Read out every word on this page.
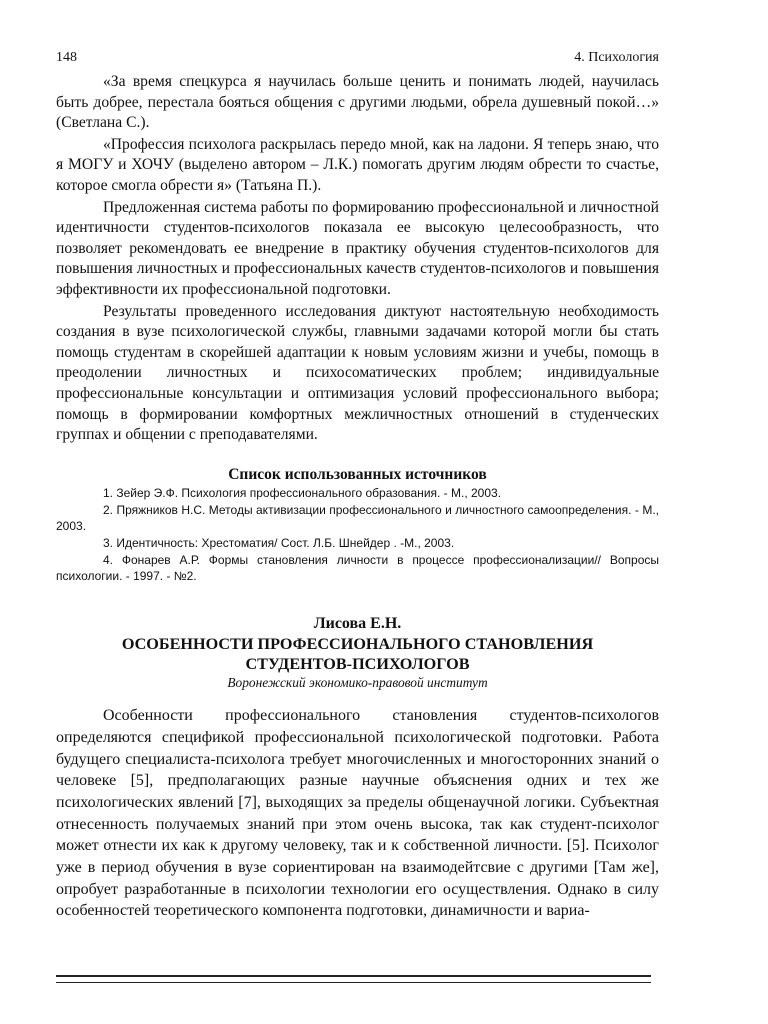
148	4. Психология

«За время спецкурса я научилась больше ценить и понимать людей, научилась быть добрее, перестала бояться общения с другими людьми, обрела душевный покой…» (Светлана С.).

«Профессия психолога раскрылась передо мной, как на ладони. Я теперь знаю, что я МОГУ и ХОЧУ (выделено автором – Л.К.) помогать другим людям обрести то счастье, которое смогла обрести я» (Татьяна П.).

Предложенная система работы по формированию профессиональной и личностной идентичности студентов-психологов показала ее высокую целесообразность, что позволяет рекомендовать ее внедрение в практику обучения студентов-психологов для повышения личностных и профессиональных качеств студентов-психологов и повышения эффективности их профессиональной подготовки.

Результаты проведенного исследования диктуют настоятельную необходимость создания в вузе психологической службы, главными задачами которой могли бы стать помощь студентам в скорейшей адаптации к новым условиям жизни и учебы, помощь в преодолении личностных и психосоматических проблем; индивидуальные профессиональные консультации и оптимизация условий профессионального выбора; помощь в формировании комфортных межличностных отношений в студенческих группах и общении с преподавателями.

Список использованных источников

1. Зейер Э.Ф. Психология профессионального образования. - М., 2003.

2. Пряжников Н.С. Методы активизации профессионального и личностного самоопределения. - М., 2003.

3. Идентичность: Хрестоматия/ Сост. Л.Б. Шнейдер . -М., 2003.

4. Фонарев А.Р. Формы становления личности в процессе профессионализации// Вопросы психологии. - 1997. - №2.

Лисова Е.Н.
ОСОБЕННОСТИ ПРОФЕССИОНАЛЬНОГО СТАНОВЛЕНИЯ
СТУДЕНТОВ-ПСИХОЛОГОВ
Воронежский экономико-правовой институт

Особенности профессионального становления студентов-психологов определяются спецификой профессиональной психологической подготовки. Работа будущего специалиста-психолога требует многочисленных и многосторонних знаний о человеке [5], предполагающих разные научные объяснения одних и тех же психологических явлений [7], выходящих за пределы общенаучной логики. Субъектная отнесенность получаемых знаний при этом очень высока, так как студент-психолог может отнести их как к другому человеку, так и к собственной личности. [5]. Психолог уже в период обучения в вузе сориентирован на взаимодейтсвие с другими [Там же], опробует разработанные в психологии технологии его осуществления. Однако в силу особенностей теоретического компонента подготовки, динамичности и вариа-
